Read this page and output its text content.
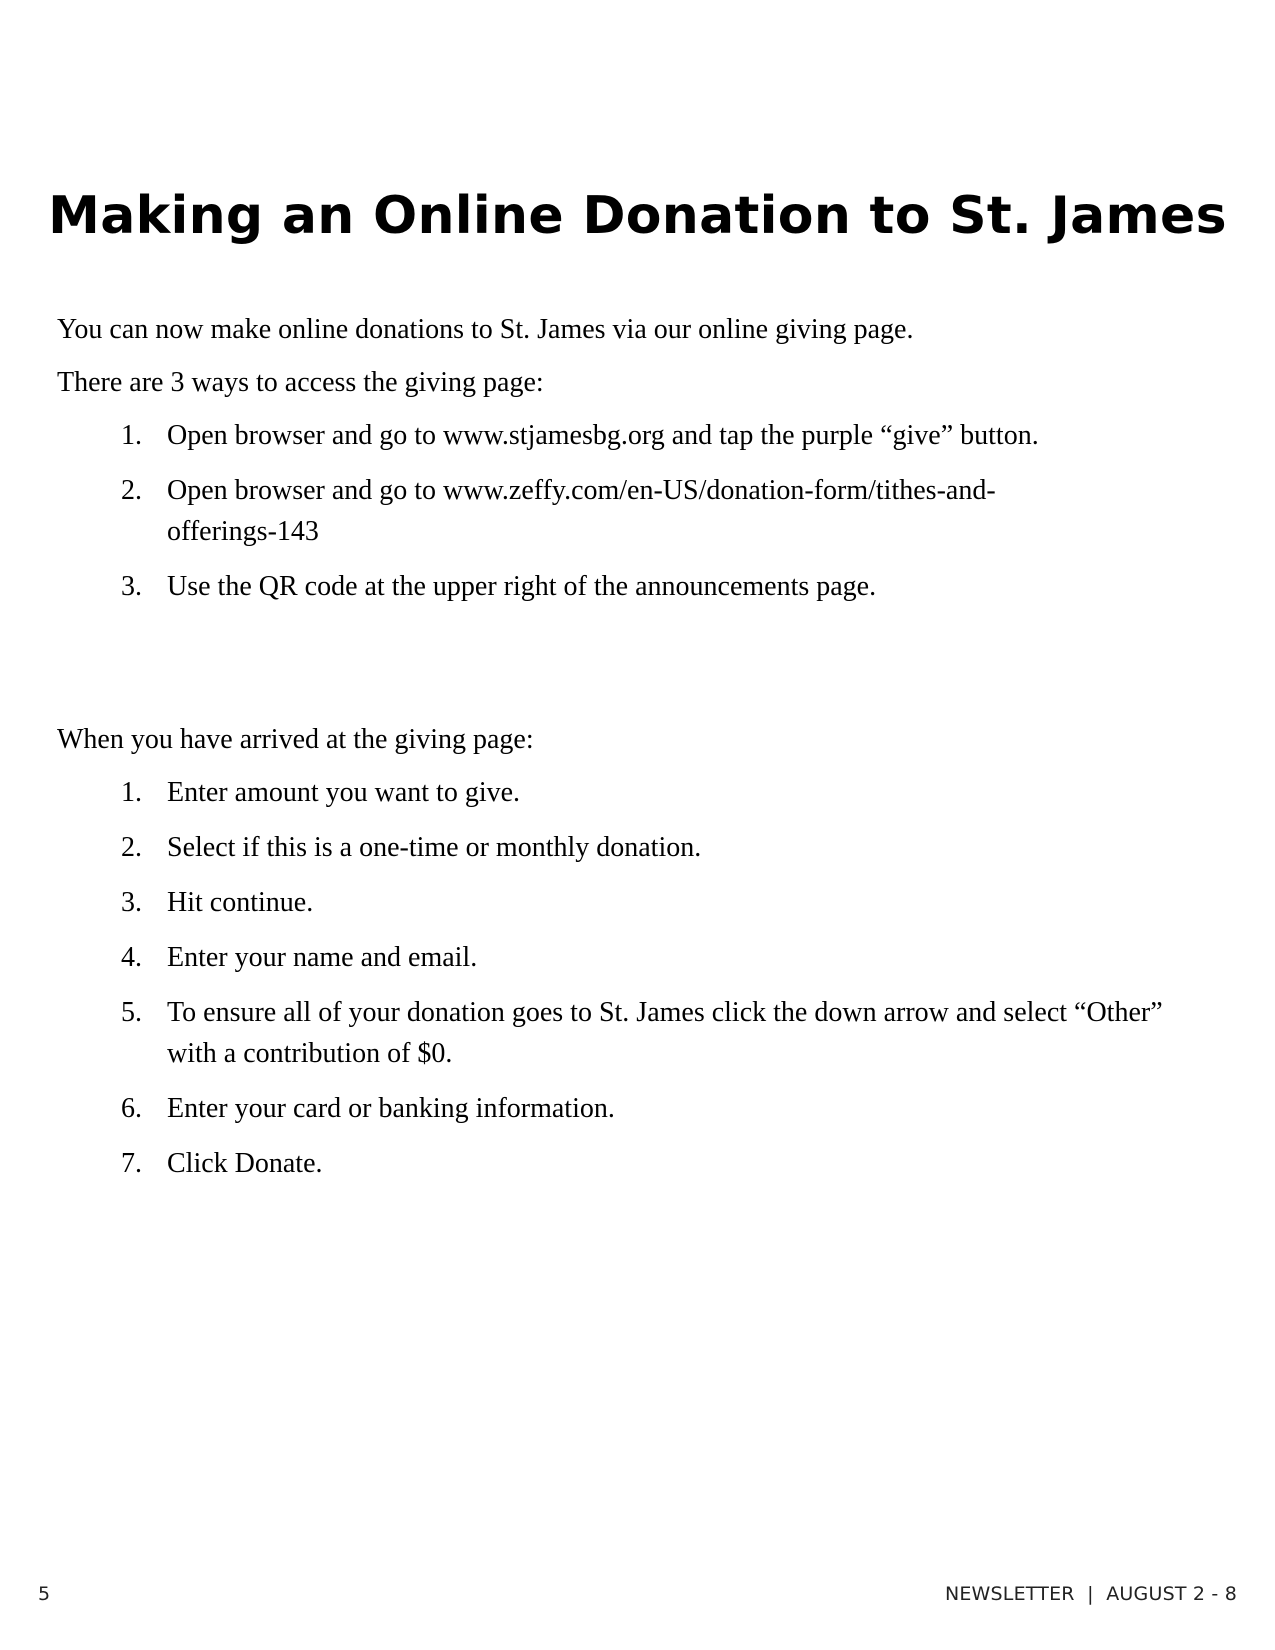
Making an Online Donation to St. James

You can now make online donations to St. James via our online giving page.

There are 3 ways to access the giving page:

1. Open browser and go to www.stjamesbg.org and tap the purple “give” button.
2. Open browser and go to www.zeffy.com/en-US/donation-form/tithes-and-offerings-143
3. Use the QR code at the upper right of the announcements page.

When you have arrived at the giving page:

1. Enter amount you want to give.
2. Select if this is a one-time or monthly donation.
3. Hit continue.
4. Enter your name and email.
5. To ensure all of your donation goes to St. James click the down arrow and select “Other” with a contribution of $0.
6. Enter your card or banking information.
7. Click Donate.
5	NEWSLETTER  |  AUGUST 2 - 8
